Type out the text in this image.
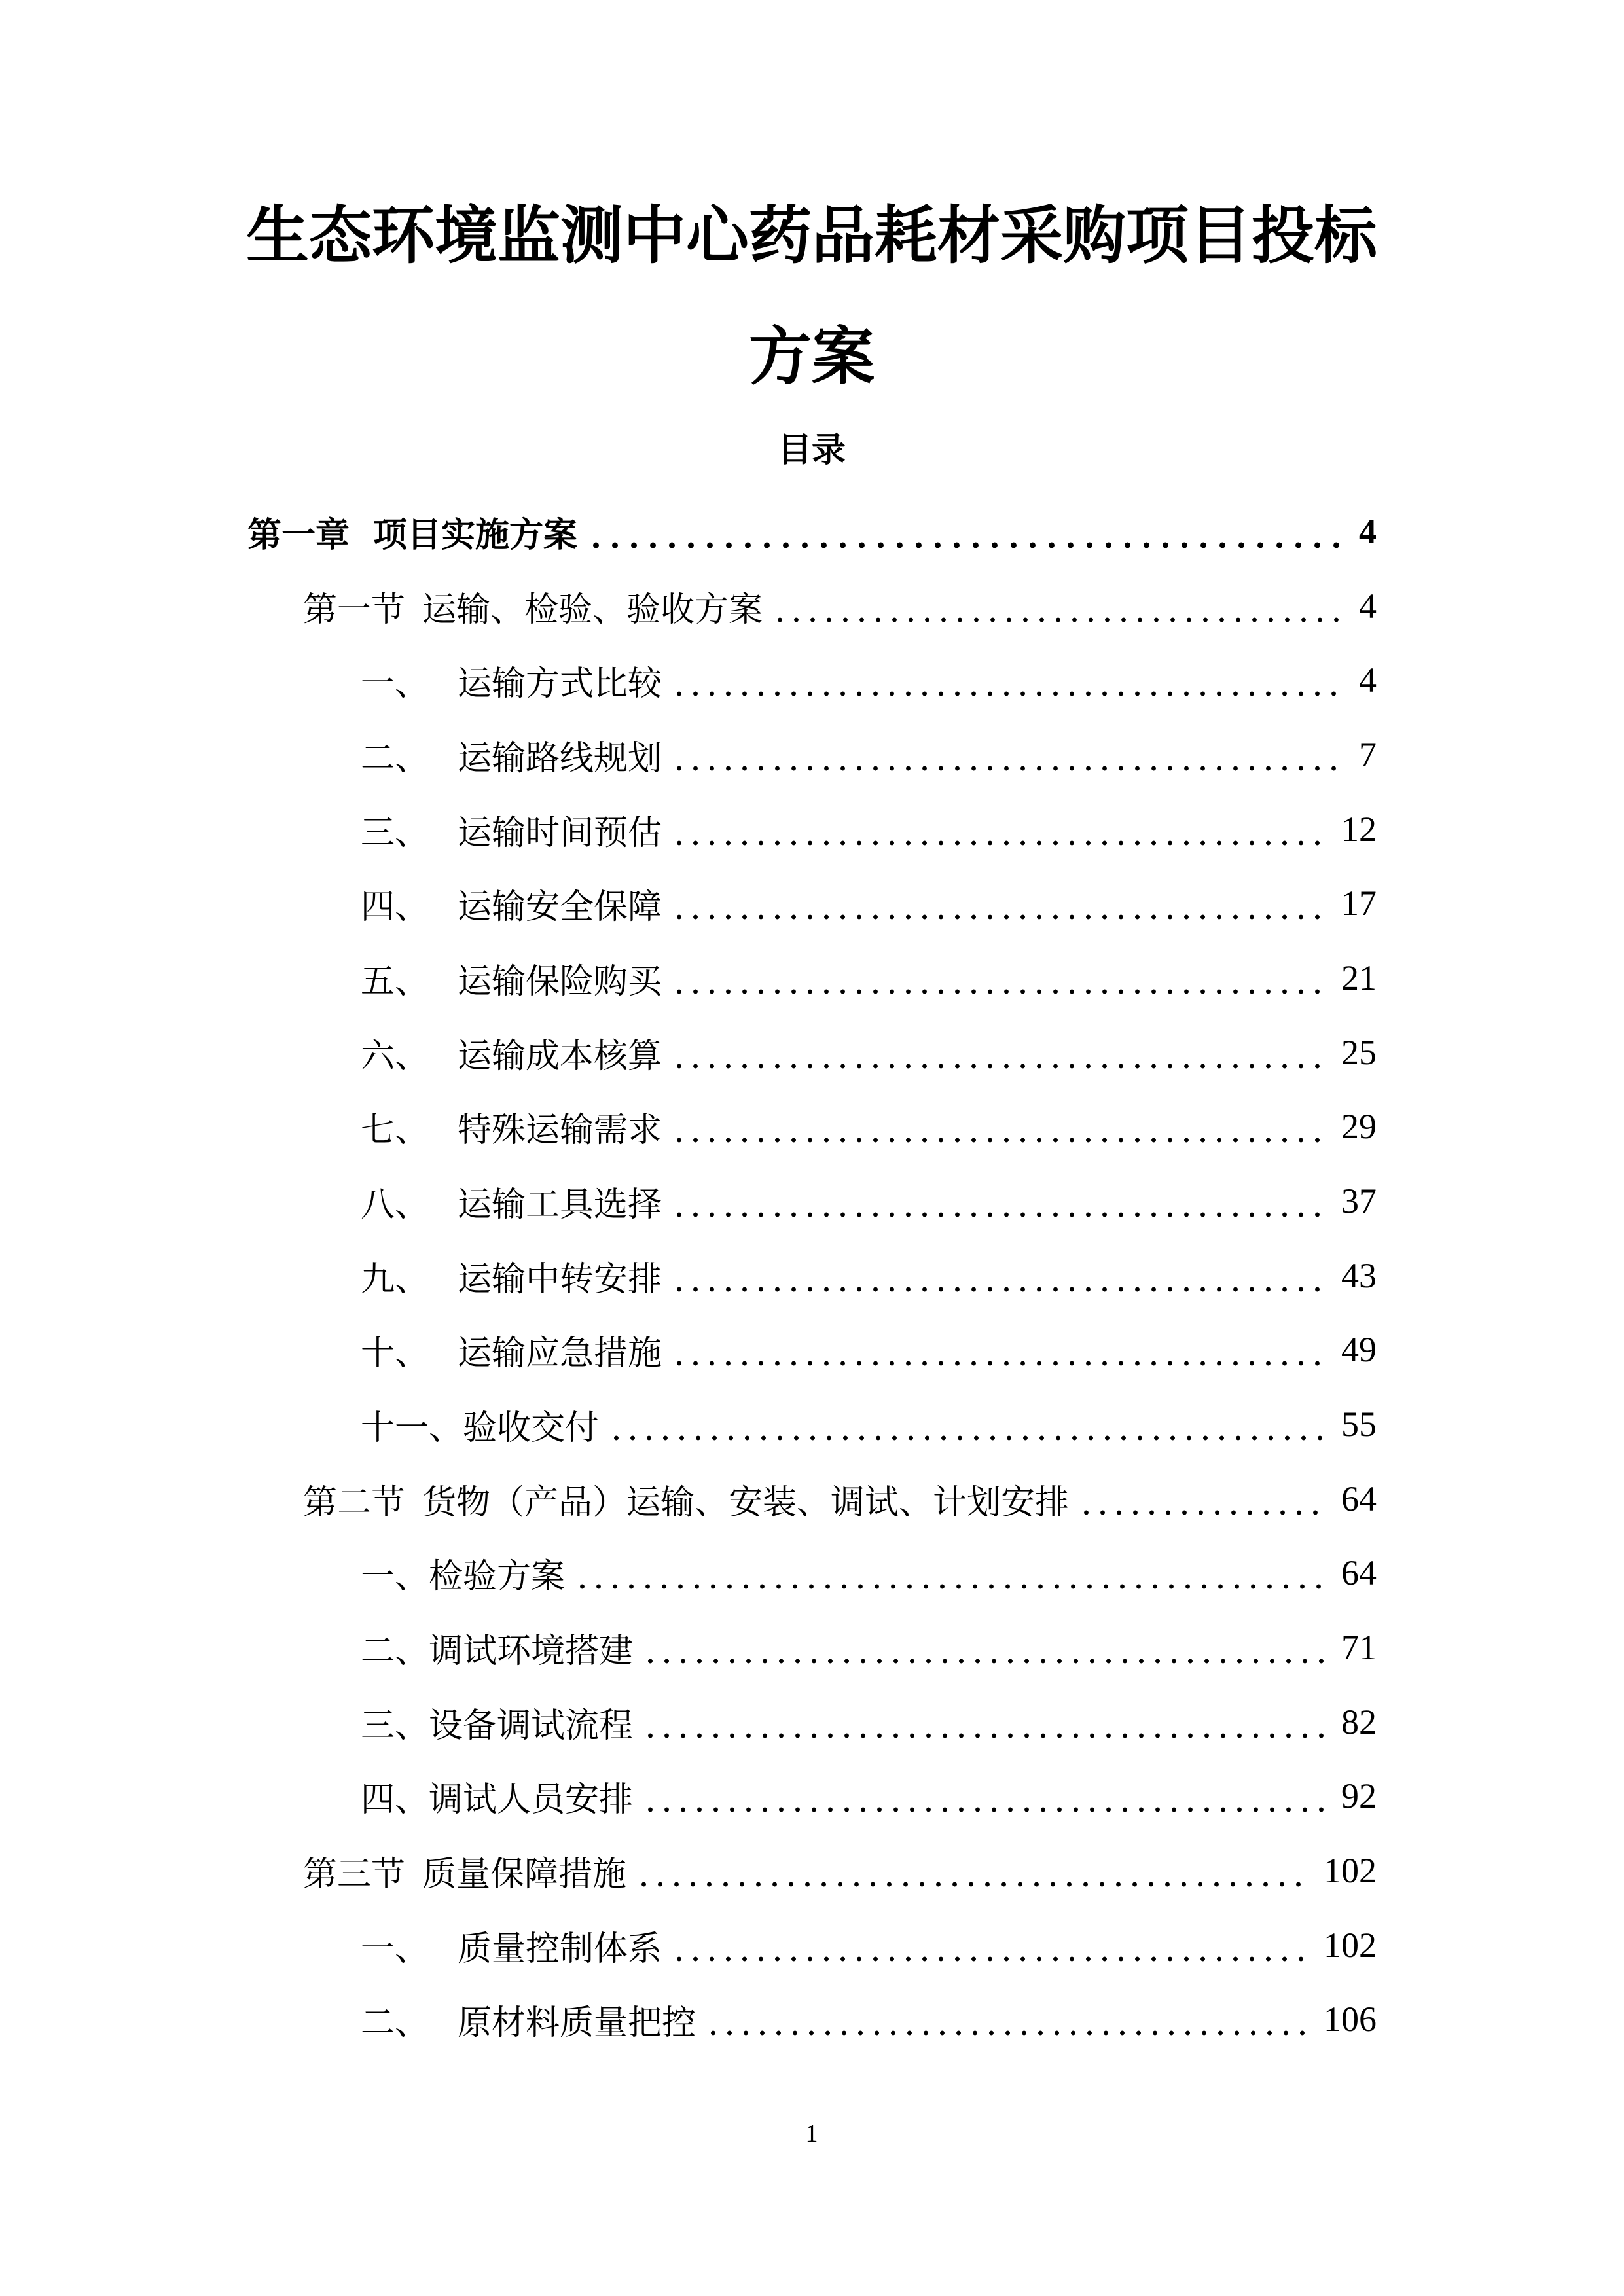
生态环境监测中心药品耗材采购项目投标
方案
目录
第一章 项目实施方案	4
第一节 运输、检验、验收方案	4
一、 运输方式比较	4
二、 运输路线规划	7
三、 运输时间预估	12
四、 运输安全保障	17
五、 运输保险购买	21
六、 运输成本核算	25
七、 特殊运输需求	29
八、 运输工具选择	37
九、 运输中转安排	43
十、 运输应急措施	49
十一、 验收交付	55
第二节 货物（产品）运输、安装、调试、计划安排	64
一、 检验方案	64
二、 调试环境搭建	71
三、 设备调试流程	82
四、 调试人员安排	92
第三节 质量保障措施	102
一、 质量控制体系	102
二、 原材料质量把控	106
1
